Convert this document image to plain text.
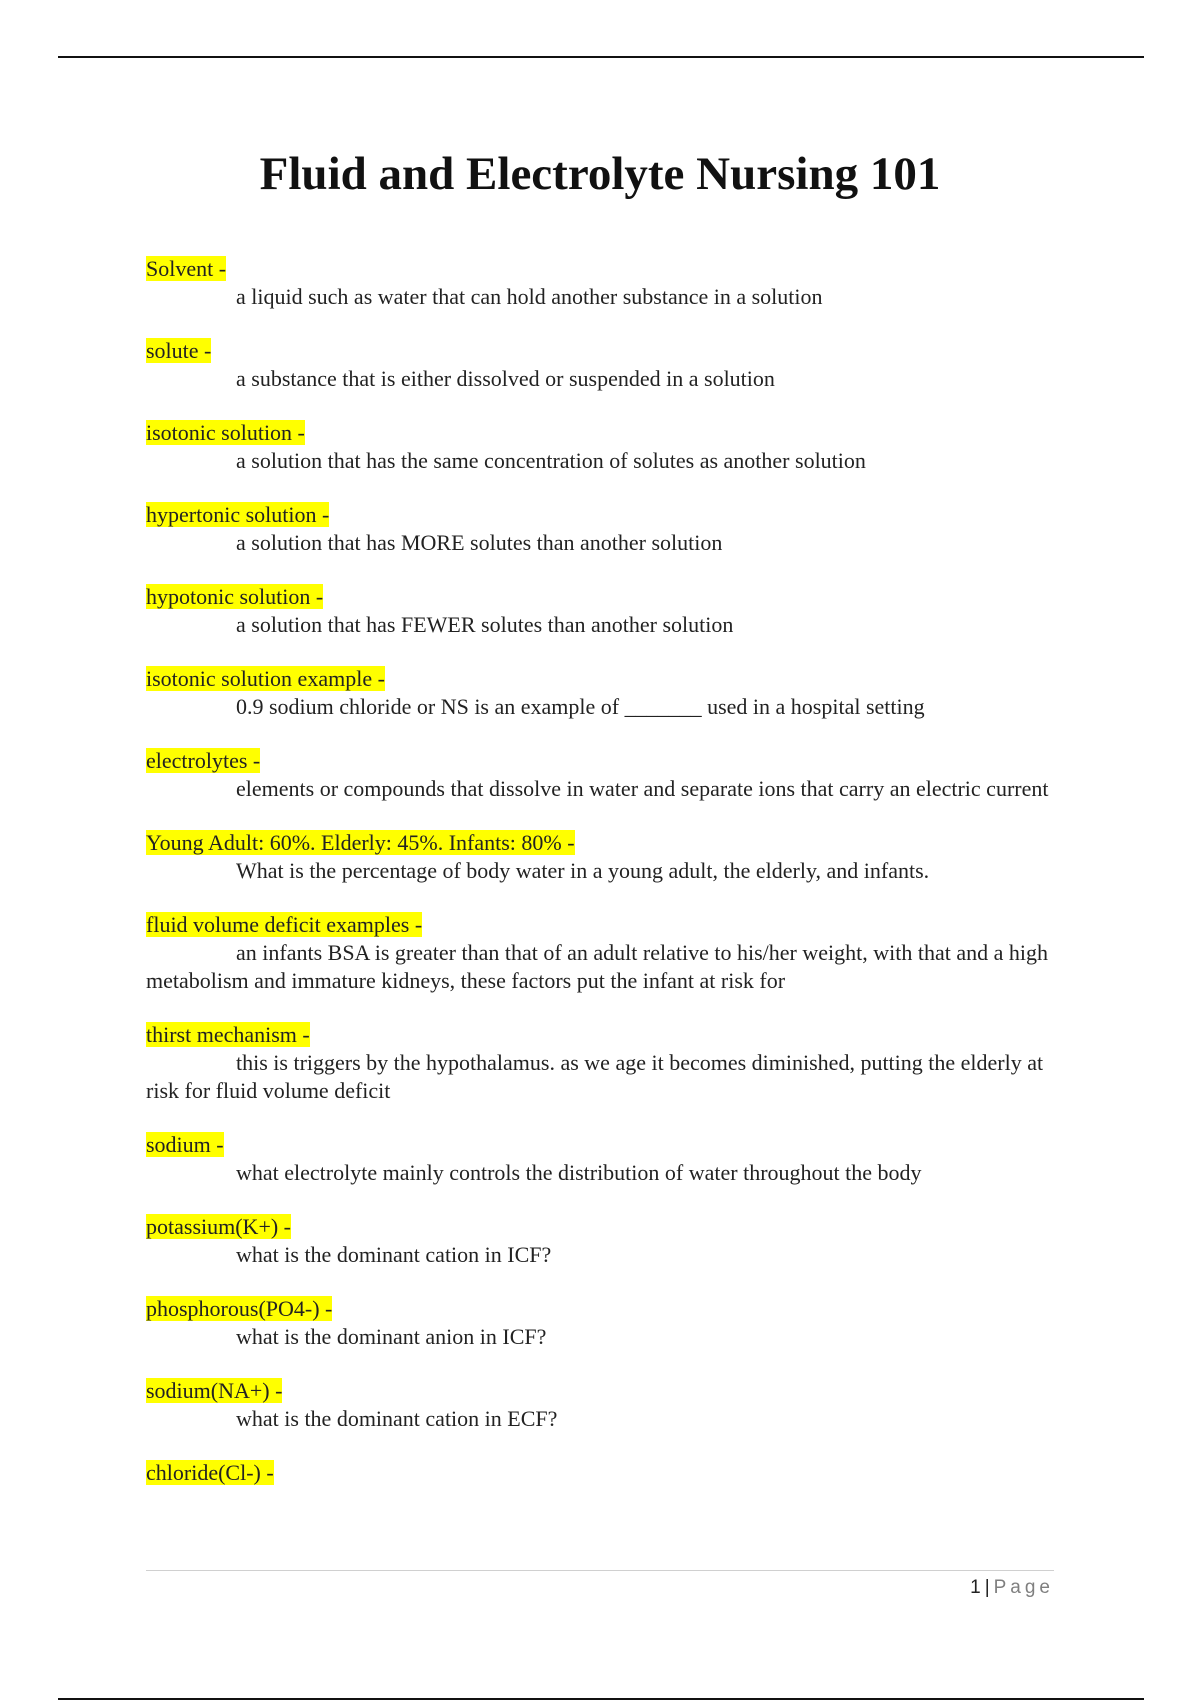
Fluid and Electrolyte Nursing 101
Solvent -

a liquid such as water that can hold another substance in a solution

solute -

a substance that is either dissolved or suspended in a solution

isotonic solution -

a solution that has the same concentration of solutes as another solution

hypertonic solution -

a solution that has MORE solutes than another solution

hypotonic solution -

a solution that has FEWER solutes than another solution

isotonic solution example -

0.9 sodium chloride or NS is an example of _______ used in a hospital setting

electrolytes -

elements or compounds that dissolve in water and separate ions that carry an electric current

Young Adult: 60%. Elderly: 45%. Infants: 80% -

What is the percentage of body water in a young adult, the elderly, and infants.

fluid volume deficit examples -

an infants BSA is greater than that of an adult relative to his/her weight, with that and a high metabolism and immature kidneys, these factors put the infant at risk for

thirst mechanism -

this is triggers by the hypothalamus. as we age it becomes diminished, putting the elderly at risk for fluid volume deficit

sodium -

what electrolyte mainly controls the distribution of water throughout the body

potassium(K+) -

what is the dominant cation in ICF?

phosphorous(PO4-) -

what is the dominant anion in ICF?

sodium(NA+) -

what is the dominant cation in ECF?

chloride(Cl-) -
1 | Page
